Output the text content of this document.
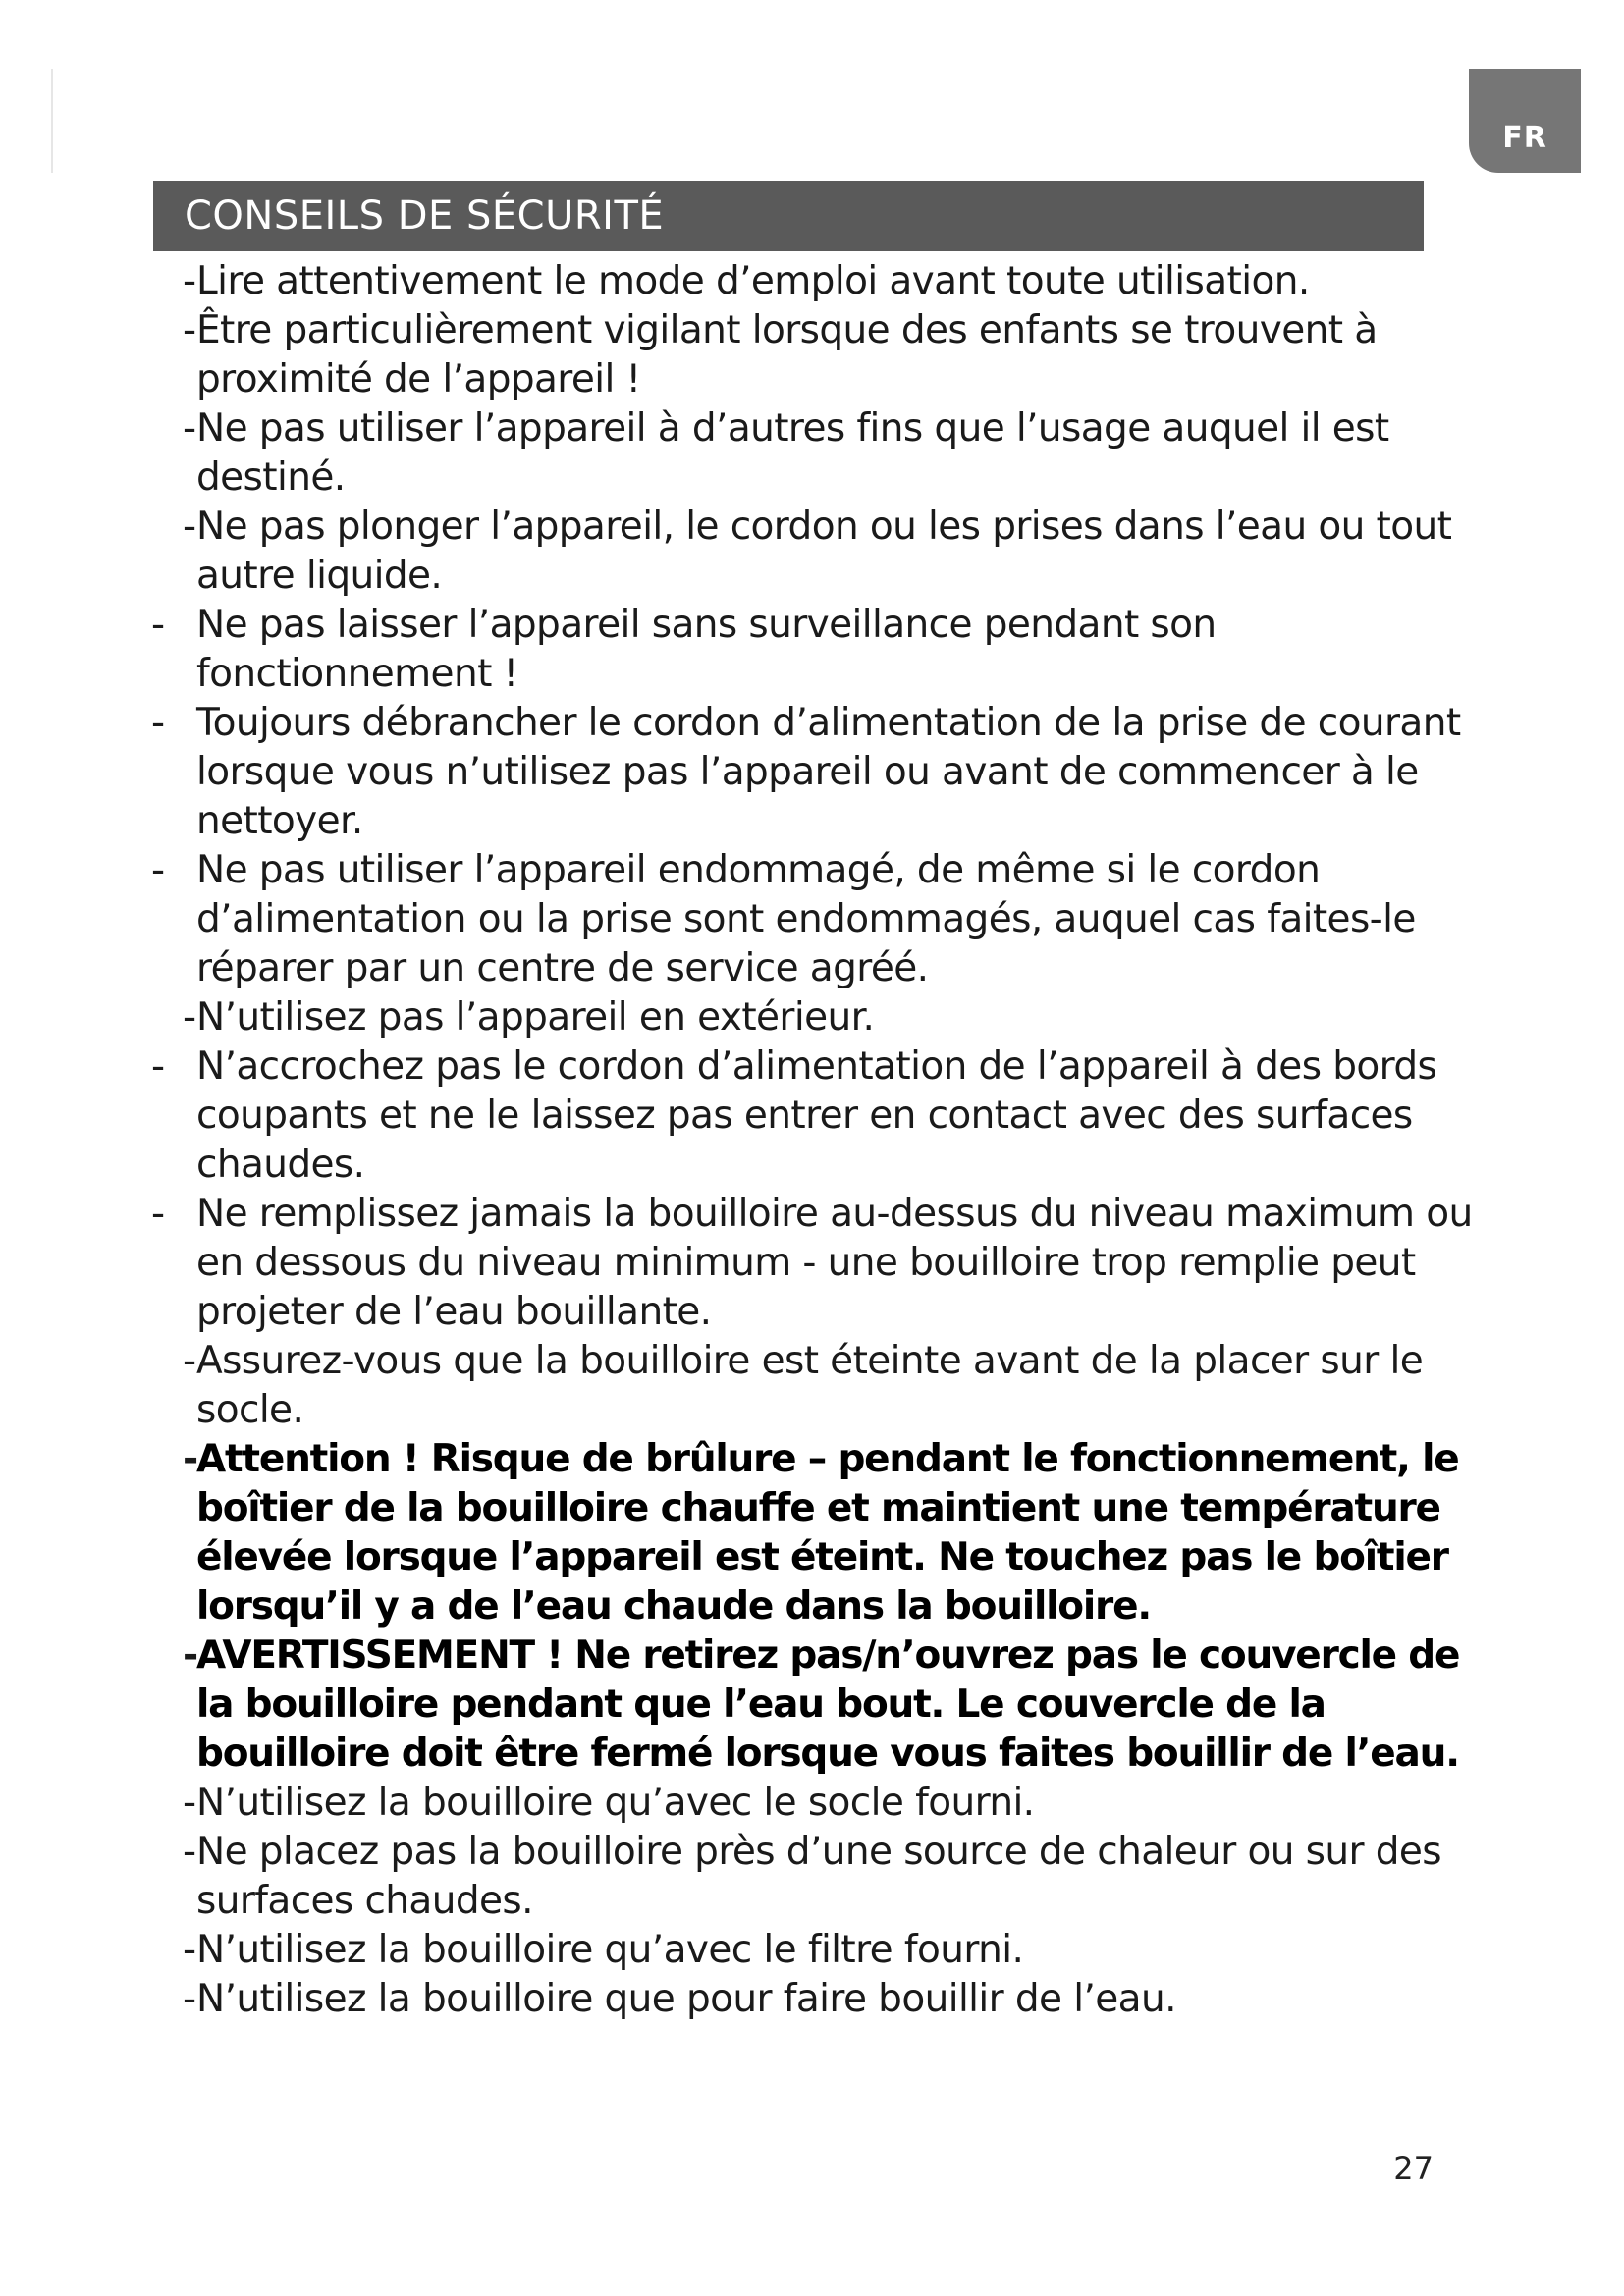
FR
CONSEILS DE SÉCURITÉ
- Lire attentivement le mode d’emploi avant toute utilisation.
- Être particulièrement vigilant lorsque des enfants se trouvent à proximité de l’appareil !
- Ne pas utiliser l’appareil à d’autres fins que l’usage auquel il est destiné.
- Ne pas plonger l’appareil, le cordon ou les prises dans l’eau ou tout autre liquide.
- Ne pas laisser l’appareil sans surveillance pendant son fonctionnement !
- Toujours débrancher le cordon d’alimentation de la prise de courant lorsque vous n’utilisez pas l’appareil ou avant de commencer à le nettoyer.
- Ne pas utiliser l’appareil endommagé, de même si le cordon d’alimentation ou la prise sont endommagés, auquel cas faites-le réparer par un centre de service agréé.
- N’utilisez pas l’appareil en extérieur.
- N’accrochez pas le cordon d’alimentation de l’appareil à des bords coupants et ne le laissez pas entrer en contact avec des surfaces chaudes.
- Ne remplissez jamais la bouilloire au-dessus du niveau maximum ou en dessous du niveau minimum - une bouilloire trop remplie peut projeter de l’eau bouillante.
- Assurez-vous que la bouilloire est éteinte avant de la placer sur le socle.
-
Attention ! Risque de brûlure – pendant le fonctionnement, le boîtier de la bouilloire chauffe et maintient une température élevée lorsque l’appareil est éteint. Ne touchez pas le boîtier lorsqu’il y a de l’eau chaude dans la bouilloire.
-
AVERTISSEMENT ! Ne retirez pas/n’ouvrez pas le couvercle de la bouilloire pendant que l’eau bout. Le couvercle de la bouilloire doit être fermé lorsque vous faites bouillir de l’eau.
- N’utilisez la bouilloire qu’avec le socle fourni.
- Ne placez pas la bouilloire près d’une source de chaleur ou sur des surfaces chaudes.
- N’utilisez la bouilloire qu’avec le filtre fourni.
- N’utilisez la bouilloire que pour faire bouillir de l’eau.
27
